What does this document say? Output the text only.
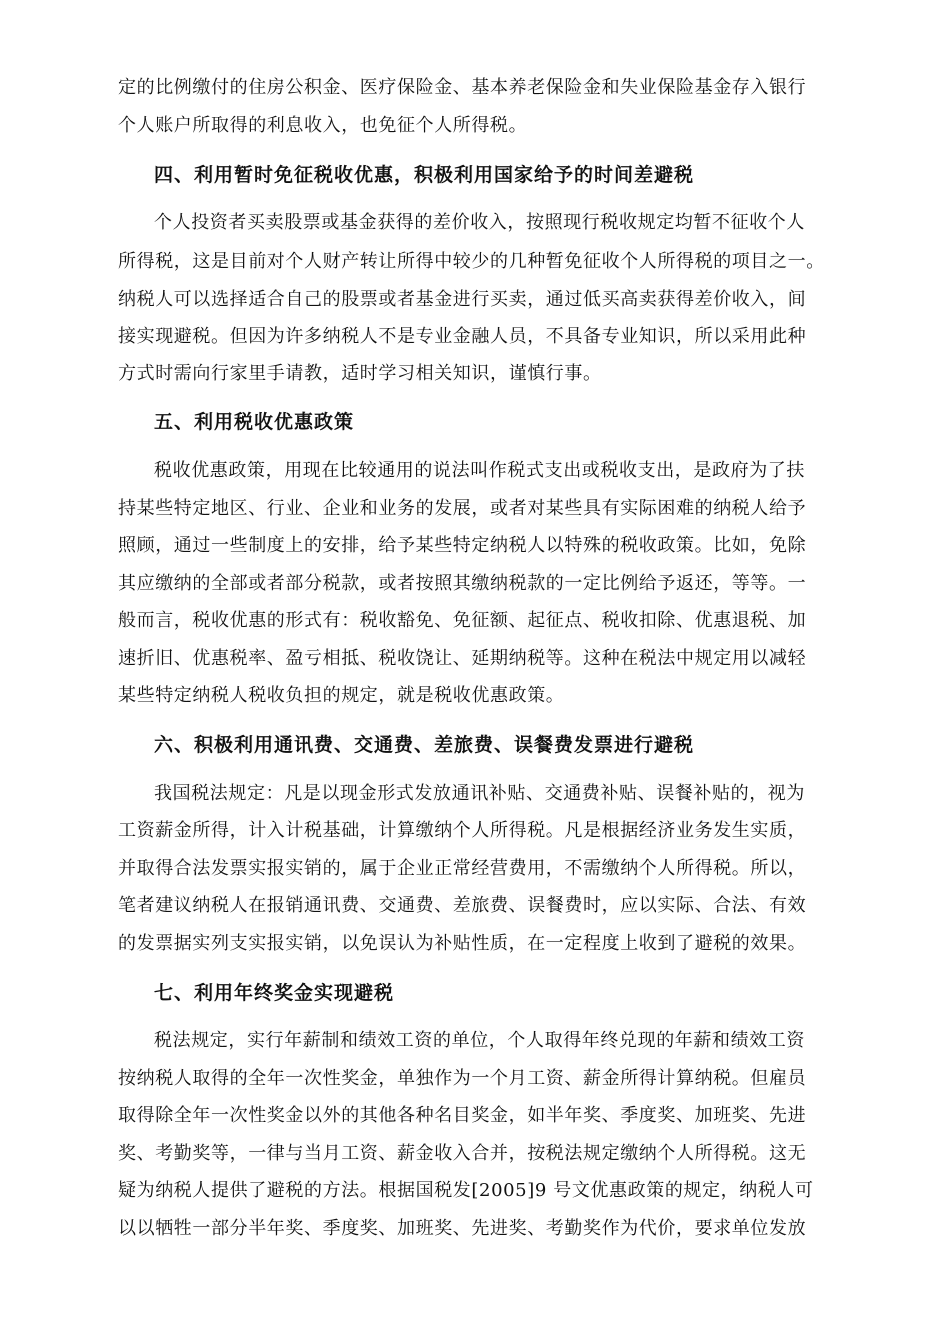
定的比例缴付的住房公积金、医疗保险金、基本养老保险金和失业保险基金存入银行
个人账户所取得的利息收入，也免征个人所得税。
四、利用暂时免征税收优惠，积极利用国家给予的时间差避税
个人投资者买卖股票或基金获得的差价收入，按照现行税收规定均暂不征收个人
所得税，这是目前对个人财产转让所得中较少的几种暂免征收个人所得税的项目之一。
纳税人可以选择适合自己的股票或者基金进行买卖，通过低买高卖获得差价收入，间
接实现避税。但因为许多纳税人不是专业金融人员，不具备专业知识，所以采用此种
方式时需向行家里手请教，适时学习相关知识，谨慎行事。
五、利用税收优惠政策
税收优惠政策，用现在比较通用的说法叫作税式支出或税收支出，是政府为了扶
持某些特定地区、行业、企业和业务的发展，或者对某些具有实际困难的纳税人给予
照顾，通过一些制度上的安排，给予某些特定纳税人以特殊的税收政策。比如，免除
其应缴纳的全部或者部分税款，或者按照其缴纳税款的一定比例给予返还，等等。一
般而言，税收优惠的形式有：税收豁免、免征额、起征点、税收扣除、优惠退税、加
速折旧、优惠税率、盈亏相抵、税收饶让、延期纳税等。这种在税法中规定用以减轻
某些特定纳税人税收负担的规定，就是税收优惠政策。
六、积极利用通讯费、交通费、差旅费、误餐费发票进行避税
我国税法规定：凡是以现金形式发放通讯补贴、交通费补贴、误餐补贴的，视为
工资薪金所得，计入计税基础，计算缴纳个人所得税。凡是根据经济业务发生实质，
并取得合法发票实报实销的，属于企业正常经营费用，不需缴纳个人所得税。所以，
笔者建议纳税人在报销通讯费、交通费、差旅费、误餐费时，应以实际、合法、有效
的发票据实列支实报实销，以免误认为补贴性质，在一定程度上收到了避税的效果。
七、利用年终奖金实现避税
税法规定，实行年薪制和绩效工资的单位，个人取得年终兑现的年薪和绩效工资
按纳税人取得的全年一次性奖金，单独作为一个月工资、薪金所得计算纳税。但雇员
取得除全年一次性奖金以外的其他各种名目奖金，如半年奖、季度奖、加班奖、先进
奖、考勤奖等，一律与当月工资、薪金收入合并，按税法规定缴纳个人所得税。这无
疑为纳税人提供了避税的方法。根据国税发[2005]9 号文优惠政策的规定，纳税人可
以以牺牲一部分半年奖、季度奖、加班奖、先进奖、考勤奖作为代价，要求单位发放
